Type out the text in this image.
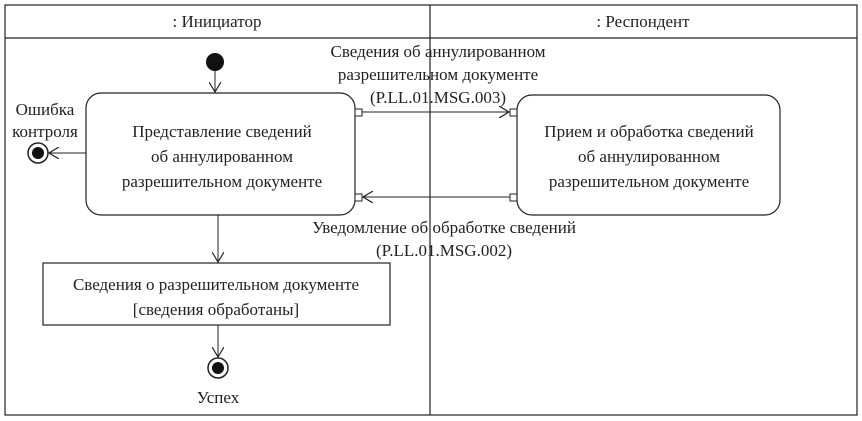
: Инициатор	: Респондент
Представление сведений
об аннулированном
разрешительном документе
Ошибка
контроля
Сведения об аннулированном
разрешительном документе
(P.LL.01.MSG.003)
Уведомление об обработке сведений
(P.LL.01.MSG.002)
Прием и обработка сведений
об аннулированном
разрешительном документе
Сведения о разрешительном документе
[сведения обработаны]
Успех
